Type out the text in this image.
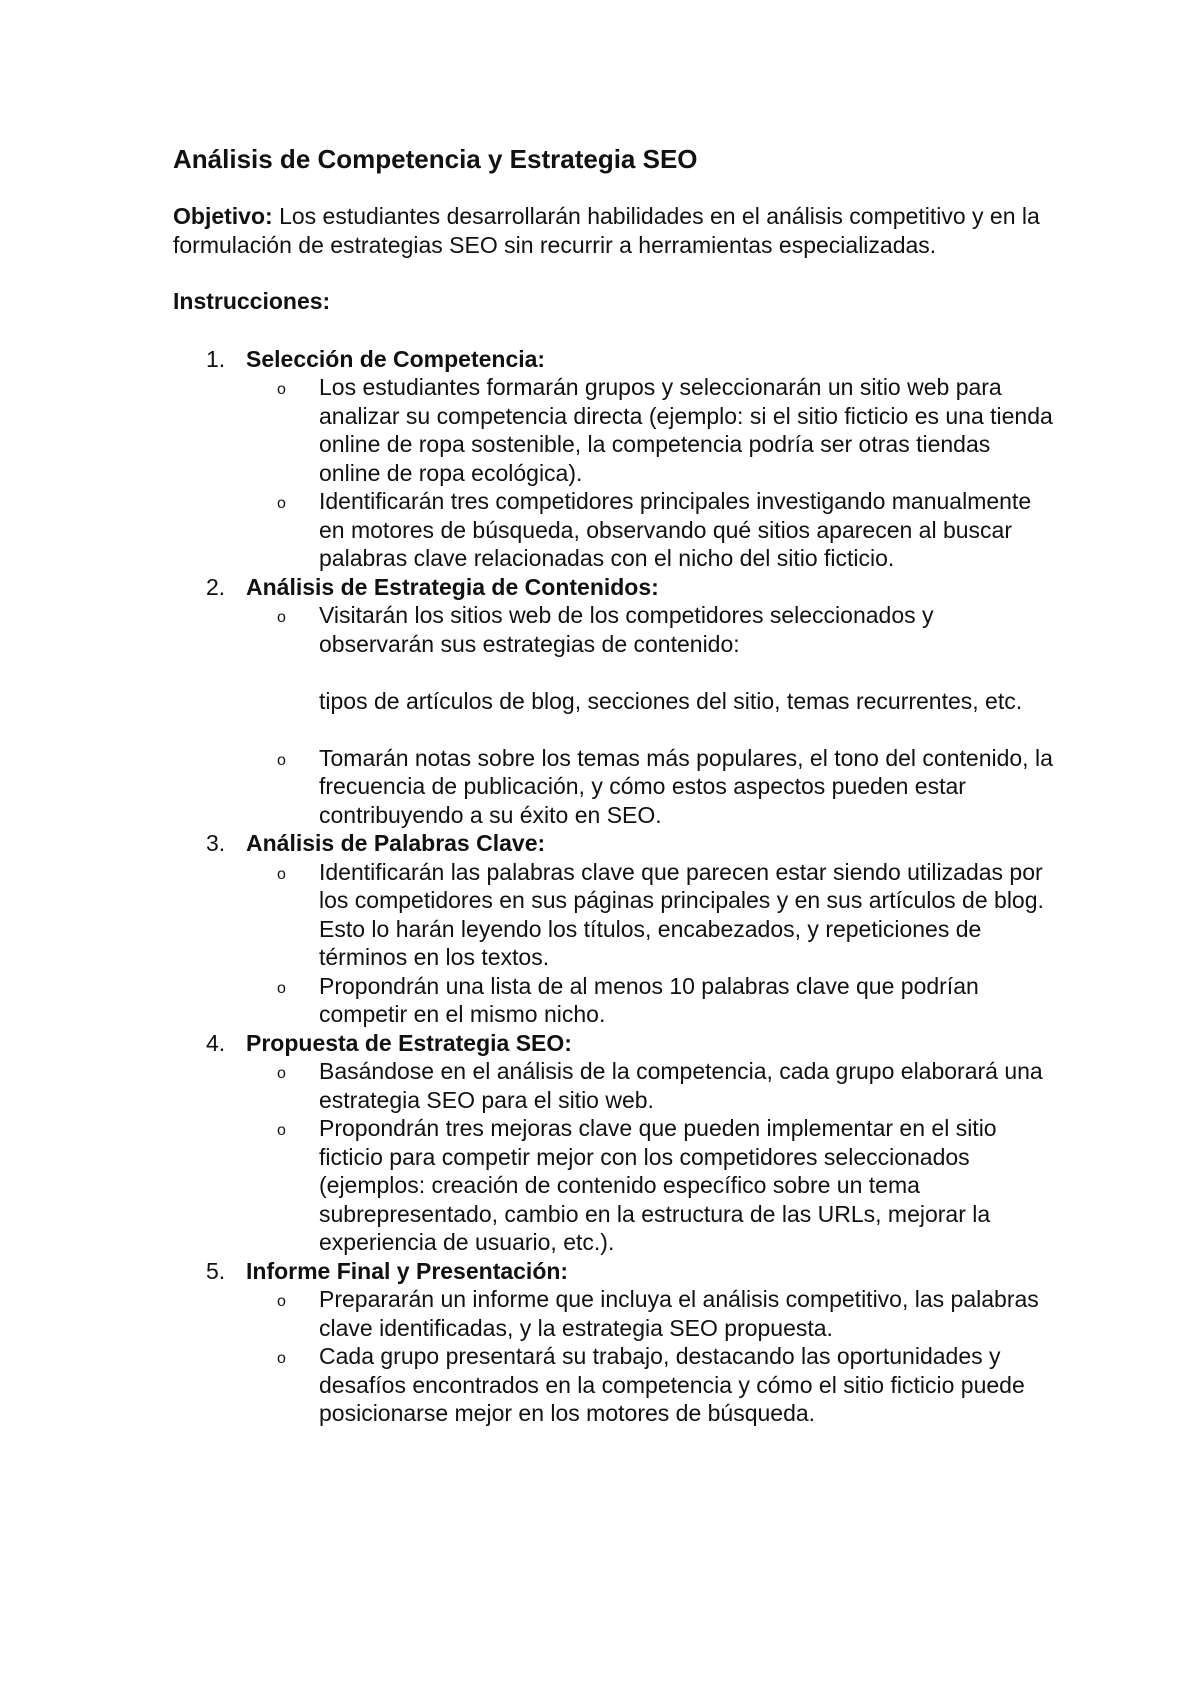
Análisis de Competencia y Estrategia SEO

Objetivo: Los estudiantes desarrollarán habilidades en el análisis competitivo y en la formulación de estrategias SEO sin recurrir a herramientas especializadas.

Instrucciones:
1. Selección de Competencia:
o Los estudiantes formarán grupos y seleccionarán un sitio web para analizar su competencia directa (ejemplo: si el sitio ficticio es una tienda online de ropa sostenible, la competencia podría ser otras tiendas online de ropa ecológica).
o Identificarán tres competidores principales investigando manualmente en motores de búsqueda, observando qué sitios aparecen al buscar palabras clave relacionadas con el nicho del sitio ficticio.
2. Análisis de Estrategia de Contenidos:
o Visitarán los sitios web de los competidores seleccionados y observarán sus estrategias de contenido:
tipos de artículos de blog, secciones del sitio, temas recurrentes, etc.
o Tomarán notas sobre los temas más populares, el tono del contenido, la frecuencia de publicación, y cómo estos aspectos pueden estar contribuyendo a su éxito en SEO.
3. Análisis de Palabras Clave:
o Identificarán las palabras clave que parecen estar siendo utilizadas por los competidores en sus páginas principales y en sus artículos de blog. Esto lo harán leyendo los títulos, encabezados, y repeticiones de términos en los textos.
o Propondrán una lista de al menos 10 palabras clave que podrían competir en el mismo nicho.
4. Propuesta de Estrategia SEO:
o Basándose en el análisis de la competencia, cada grupo elaborará una estrategia SEO para el sitio web.
o Propondrán tres mejoras clave que pueden implementar en el sitio ficticio para competir mejor con los competidores seleccionados (ejemplos: creación de contenido específico sobre un tema subrepresentado, cambio en la estructura de las URLs, mejorar la experiencia de usuario, etc.).
5. Informe Final y Presentación:
o Prepararán un informe que incluya el análisis competitivo, las palabras clave identificadas, y la estrategia SEO propuesta.
o Cada grupo presentará su trabajo, destacando las oportunidades y desafíos encontrados en la competencia y cómo el sitio ficticio puede posicionarse mejor en los motores de búsqueda.
